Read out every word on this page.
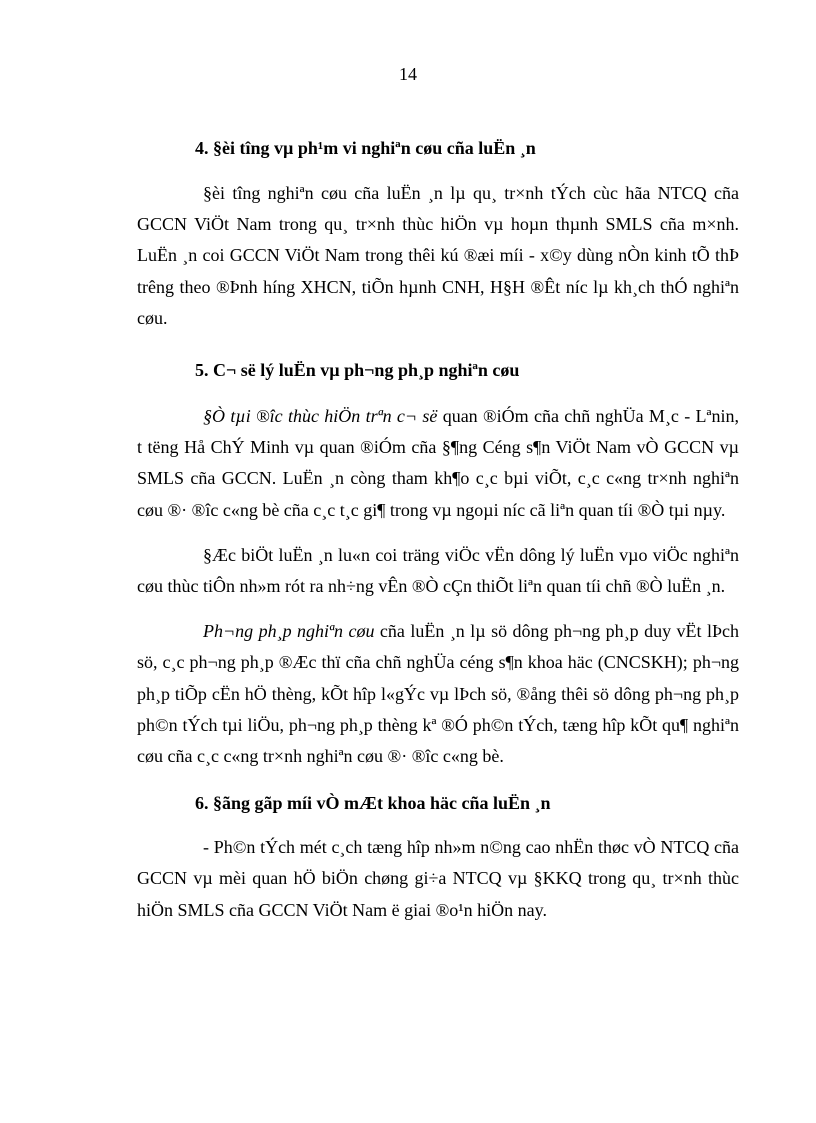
14
4. §èi tîng vµ ph¹m vi nghiªn cøu cña luËn ¸n

§èi tîng nghiªn cøu cña luËn ¸n lµ qu¸ tr×nh tÝch cùc hãa NTCQ cña GCCN ViÖt Nam trong qu¸ tr×nh thùc hiÖn vµ hoµn thµnh SMLS cña m×nh. LuËn ¸n coi GCCN ViÖt Nam trong thêi kú ®æi míi - x©y dùng nÒn kinh tÕ thÞ trêng theo ®Þnh híng XHCN, tiÕn hµnh CNH, H§H ®Êt níc lµ kh¸ch thÓ nghiªn cøu.

5. C¬ së lý luËn vµ ph¬ng ph¸p nghiªn cøu

§Ò tµi ®îc thùc hiÖn trªn c¬ së quan ®iÓm cña chñ nghÜa M¸c - Lªnin, t tëng Hå ChÝ Minh vµ quan ®iÓm cña §¶ng Céng s¶n ViÖt Nam vÒ GCCN vµ SMLS cña GCCN. LuËn ¸n còng tham kh¶o c¸c bµi viÕt, c¸c c«ng tr×nh nghiªn cøu ®· ®îc c«ng bè cña c¸c t¸c gi¶ trong vµ ngoµi níc cã liªn quan tíi ®Ò tµi nµy.

§Æc biÖt luËn ¸n lu«n coi träng viÖc vËn dông lý luËn vµo viÖc nghiªn cøu thùc tiÔn nh»m rót ra nh÷ng vÊn ®Ò cÇn thiÕt liªn quan tíi chñ ®Ò luËn ¸n.

Ph¬ng ph¸p nghiªn cøu cña luËn ¸n lµ sö dông ph¬ng ph¸p duy vËt lÞch sö, c¸c ph¬ng ph¸p ®Æc thï cña chñ nghÜa céng s¶n khoa häc (CNCSKH); ph¬ng ph¸p tiÕp cËn hÖ thèng, kÕt hîp l«gÝc vµ lÞch sö, ®ång thêi sö dông ph¬ng ph¸p ph©n tÝch tµi liÖu, ph¬ng ph¸p thèng kª ®Ó ph©n tÝch, tæng hîp kÕt qu¶ nghiªn cøu cña c¸c c«ng tr×nh nghiªn cøu ®· ®îc c«ng bè.

6. §ãng gãp míi vÒ mÆt khoa häc cña luËn ¸n

- Ph©n tÝch mét c¸ch tæng hîp nh»m n©ng cao nhËn thøc vÒ NTCQ cña GCCN vµ mèi quan hÖ biÖn chøng gi÷a NTCQ vµ §KKQ trong qu¸ tr×nh thùc hiÖn SMLS cña GCCN ViÖt Nam ë giai ®o¹n hiÖn nay.
